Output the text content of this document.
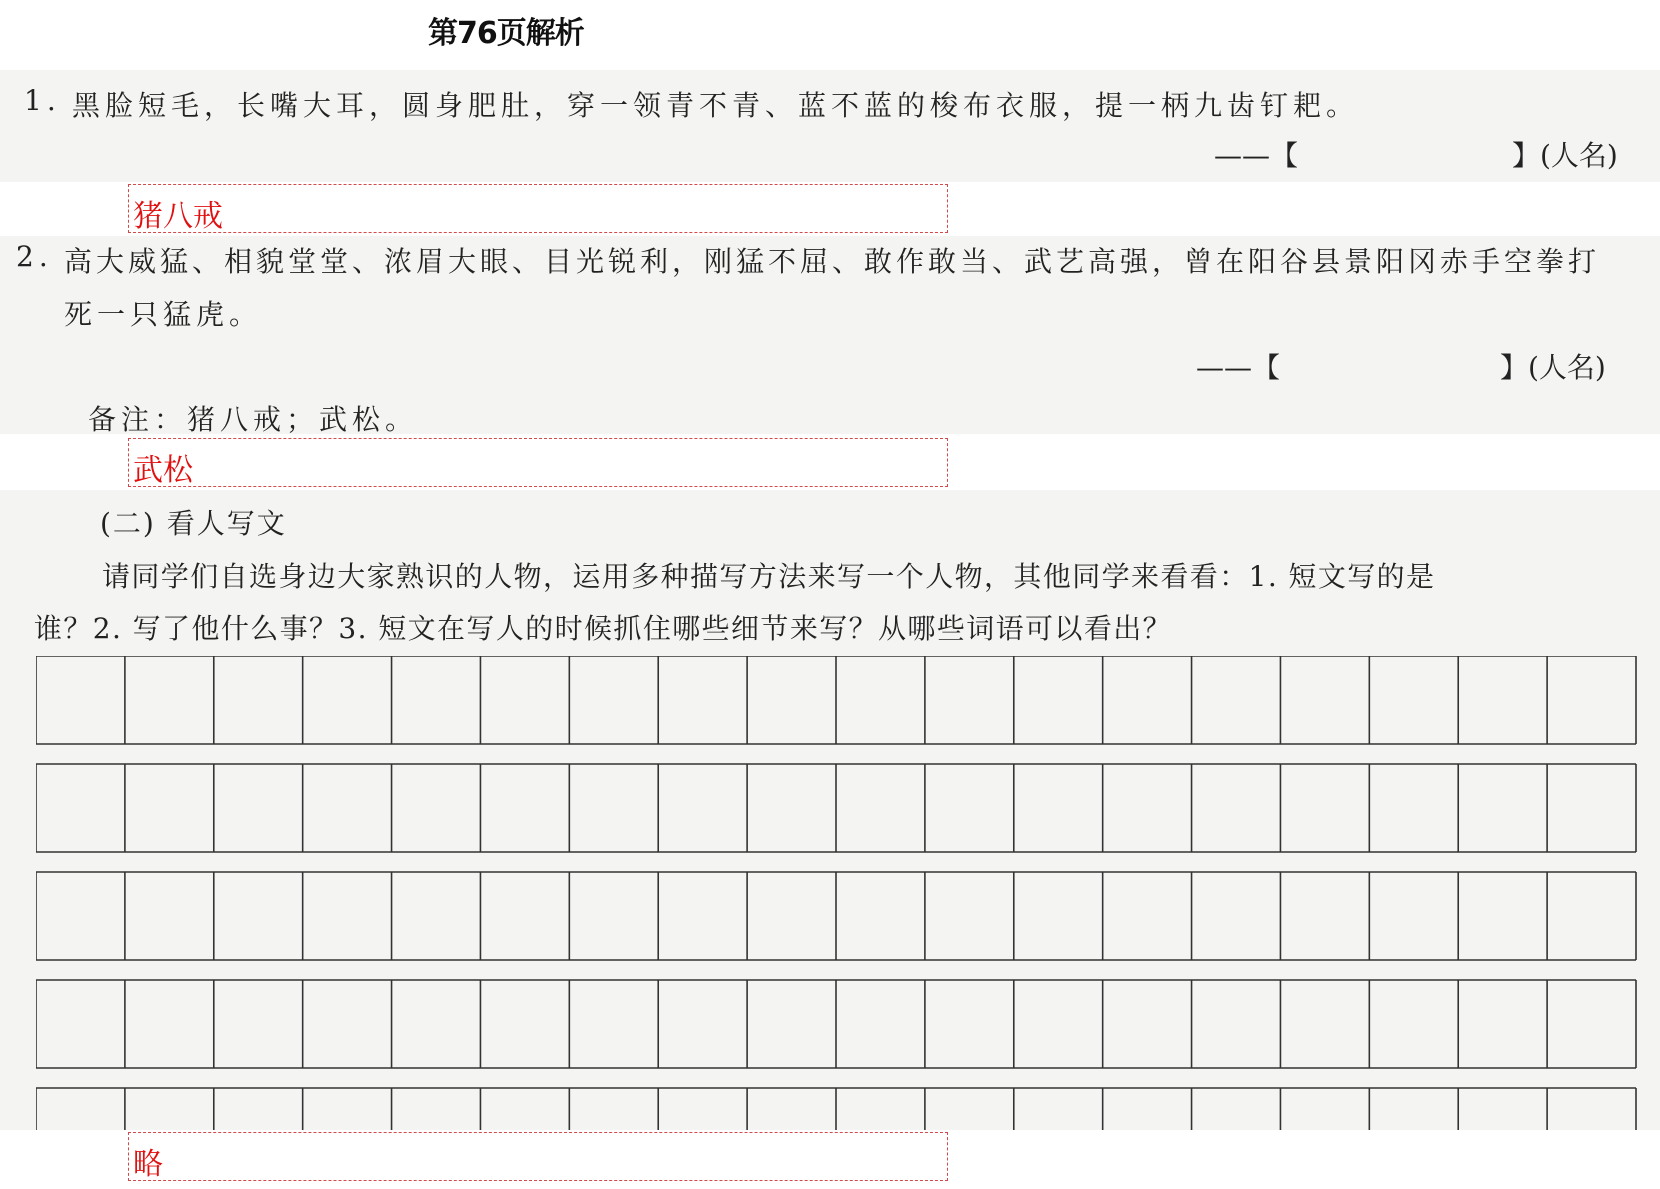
第76页解析
1. 黑脸短毛，长嘴大耳，圆身肥肚，穿一领青不青、蓝不蓝的梭布衣服，提一柄九齿钉耙。
——【	】(人名)
猪八戒
2. 高大威猛、相貌堂堂、浓眉大眼、目光锐利，刚猛不屈、敢作敢当、武艺高强，曾在阳谷县景阳冈赤手空拳打
死一只猛虎。
——【	】(人名)
备注：猪八戒；武松。
武松
(二) 看人写文
请同学们自选身边大家熟识的人物，运用多种描写方法来写一个人物，其他同学来看看：1. 短文写的是
谁？2. 写了他什么事？3. 短文在写人的时候抓住哪些细节来写？从哪些词语可以看出？
略
